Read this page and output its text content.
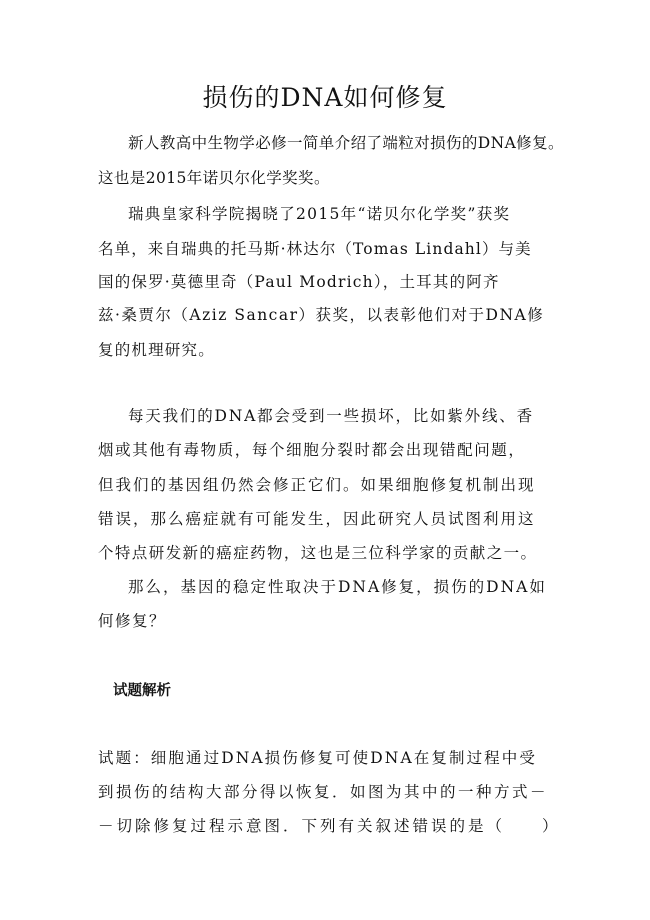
损伤的DNA如何修复
新人教高中生物学必修一简单介绍了端粒对损伤的DNA修复。
这也是2015年诺贝尔化学奖奖。
瑞典皇家科学院揭晓了2015年“诺贝尔化学奖”获奖
名单，来自瑞典的托马斯·林达尔（Tomas Lindahl）与美
国的保罗·莫德里奇（Paul Modrich），土耳其的阿齐
兹·桑贾尔（Aziz Sancar）获奖，以表彰他们对于DNA修
复的机理研究。
每天我们的DNA都会受到一些损坏，比如紫外线、香
烟或其他有毒物质，每个细胞分裂时都会出现错配问题，
但我们的基因组仍然会修正它们。如果细胞修复机制出现
错误，那么癌症就有可能发生，因此研究人员试图利用这
个特点研发新的癌症药物，这也是三位科学家的贡献之一。
那么，基因的稳定性取决于DNA修复，损伤的DNA如
何修复？
试题解析
试题：细胞通过DNA损伤修复可使DNA在复制过程中受
到损伤的结构大部分得以恢复．如图为其中的一种方式－
－切除修复过程示意图．下列有关叙述错误的是（　　）
